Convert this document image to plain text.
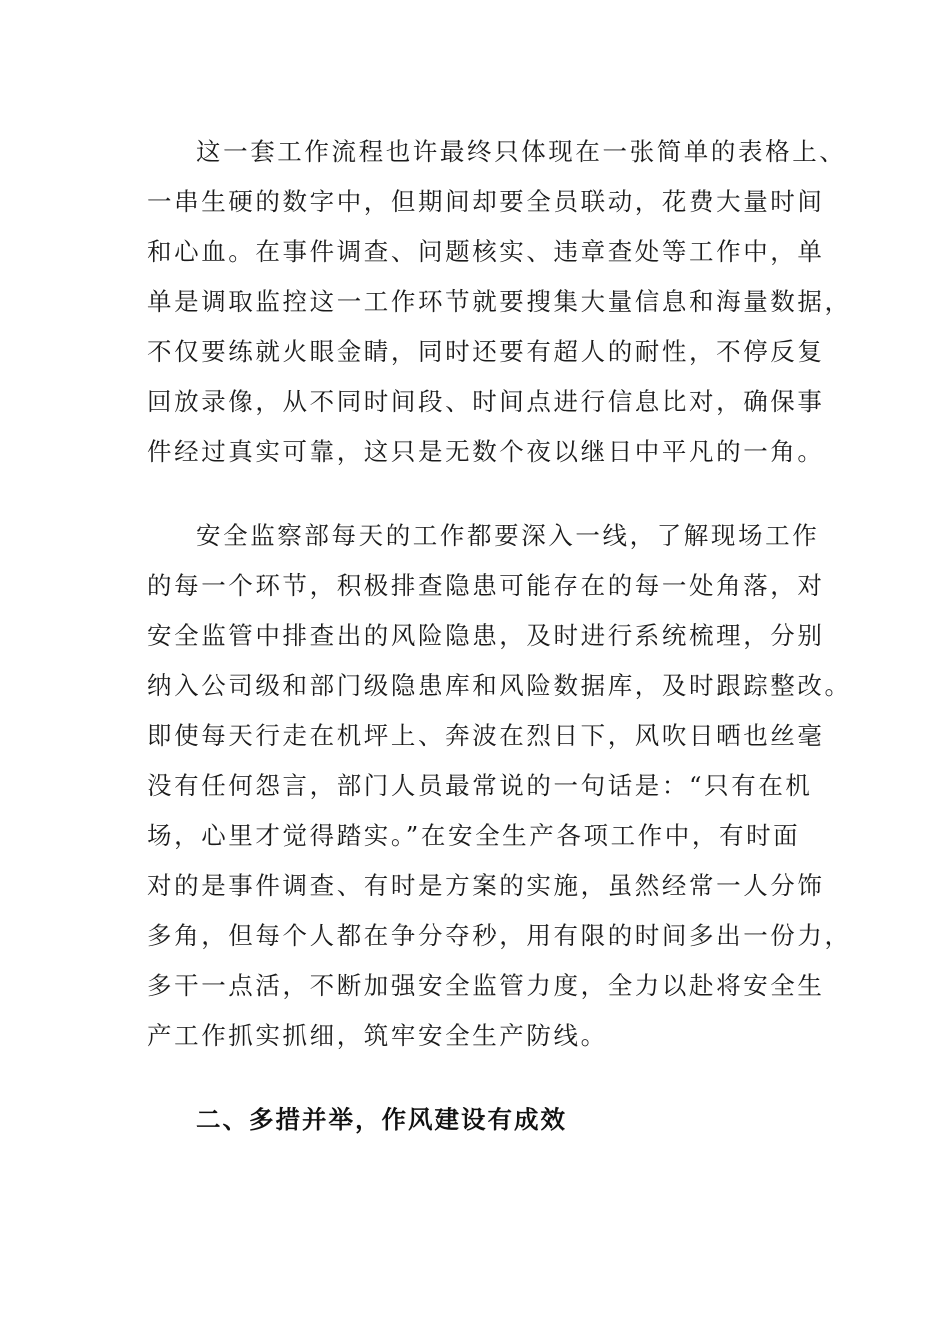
这一套工作流程也许最终只体现在一张简单的表格上、
一串生硬的数字中，但期间却要全员联动，花费大量时间
和心血。在事件调查、问题核实、违章查处等工作中，单
单是调取监控这一工作环节就要搜集大量信息和海量数据，
不仅要练就火眼金睛，同时还要有超人的耐性，不停反复
回放录像，从不同时间段、时间点进行信息比对，确保事
件经过真实可靠，这只是无数个夜以继日中平凡的一角。
安全监察部每天的工作都要深入一线，了解现场工作
的每一个环节，积极排查隐患可能存在的每一处角落，对
安全监管中排查出的风险隐患，及时进行系统梳理，分别
纳入公司级和部门级隐患库和风险数据库，及时跟踪整改。
即使每天行走在机坪上、奔波在烈日下，风吹日晒也丝毫
没有任何怨言，部门人员最常说的一句话是：“只有在机
场，心里才觉得踏实。”在安全生产各项工作中，有时面
对的是事件调查、有时是方案的实施，虽然经常一人分饰
多角，但每个人都在争分夺秒，用有限的时间多出一份力，
多干一点活，不断加强安全监管力度，全力以赴将安全生
产工作抓实抓细，筑牢安全生产防线。
二、多措并举，作风建设有成效
